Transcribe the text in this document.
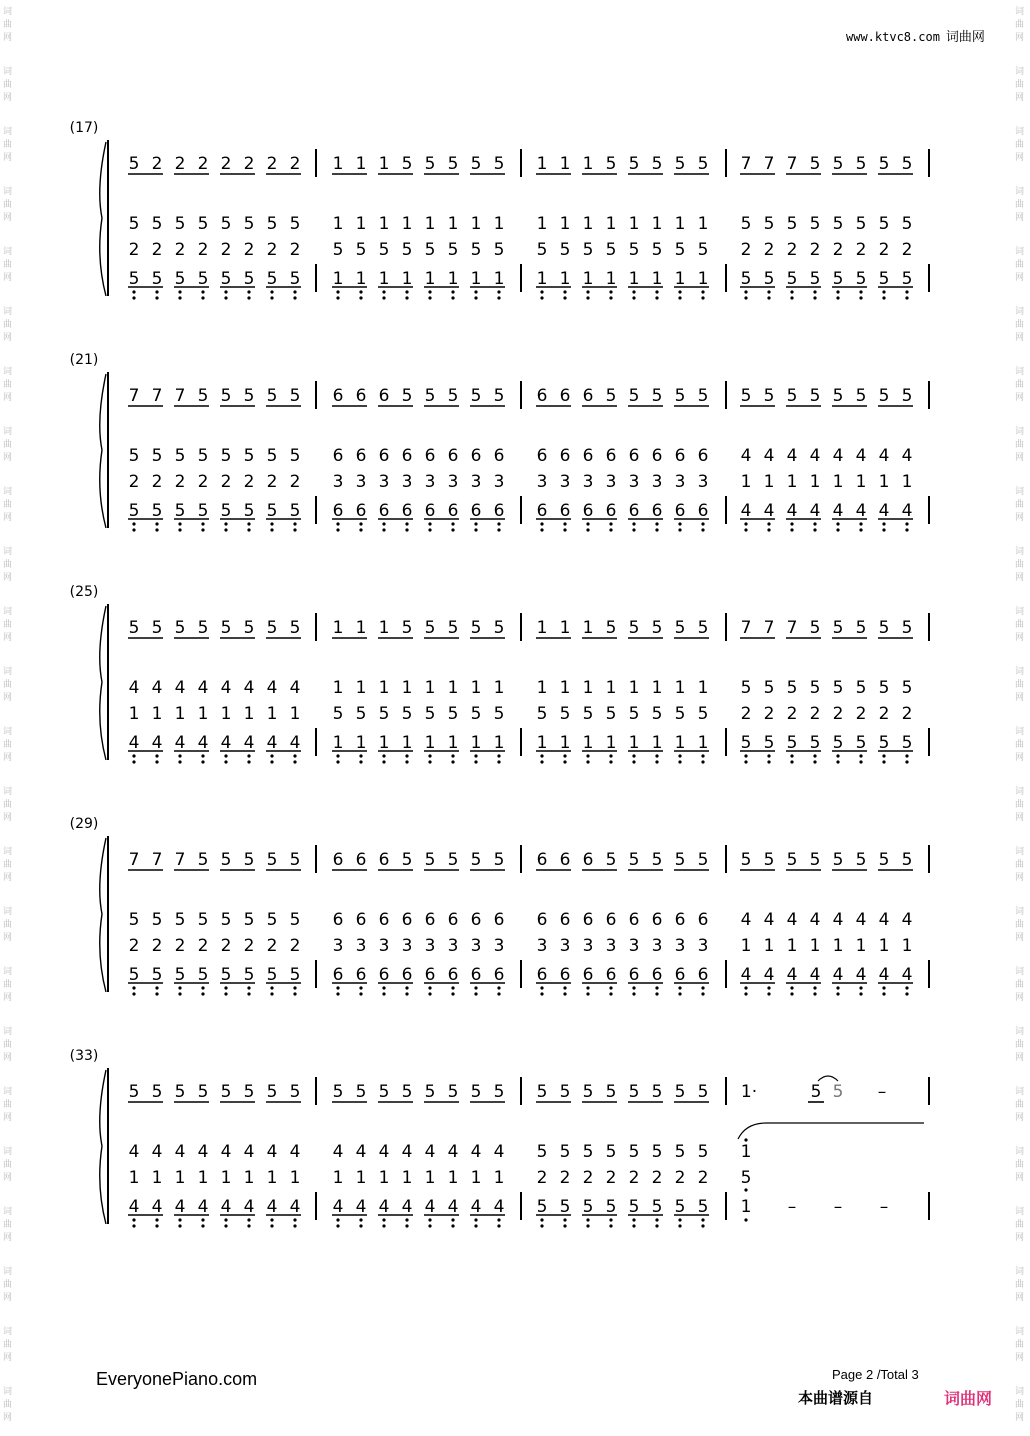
www.ktvc8.com 词曲网
词
曲
网
词
曲
网
词
曲
网
词
曲
网
词
曲
网
词
曲
网
词
曲
网
词
曲
网
词
曲
网
词
曲
网
词
曲
网
词
曲
网
词
曲
网
词
曲
网
词
曲
网
词
曲
网
词
曲
网
词
曲
网
词
曲
网
词
曲
网
词
曲
网
词
曲
网
词
曲
网
词
曲
网
词
曲
网
词
曲
网
词
曲
网
词
曲
网
词
曲
网
词
曲
网
词
曲
网
词
曲
网
词
曲
网
词
曲
网
词
曲
网
词
曲
网
词
曲
网
词
曲
网
词
曲
网
词
曲
网
词
曲
网
词
曲
网
词
曲
网
词
曲
网
词
曲
网
词
曲
网
词
曲
网
词
曲
网
(17)
5
5
2
5
2
5
2
5
2
5
2
5
2
5
2
5
2
5
2
5
2
5
2
5
2
5
2
5
2
5
2
5
1
1
5
1
1
1
5
1
1
1
5
1
5
1
5
1
5
1
5
1
5
1
5
1
5
1
5
1
5
1
5
1
1
1
5
1
1
1
5
1
1
1
5
1
5
1
5
1
5
1
5
1
5
1
5
1
5
1
5
1
5
1
5
1
7
5
2
5
7
5
2
5
7
5
2
5
5
5
2
5
5
5
2
5
5
5
2
5
5
5
2
5
5
5
2
5
(21)
7
5
2
5
7
5
2
5
7
5
2
5
5
5
2
5
5
5
2
5
5
5
2
5
5
5
2
5
5
5
2
5
6
6
3
6
6
6
3
6
6
6
3
6
5
6
3
6
5
6
3
6
5
6
3
6
5
6
3
6
5
6
3
6
6
6
3
6
6
6
3
6
6
6
3
6
5
6
3
6
5
6
3
6
5
6
3
6
5
6
3
6
5
6
3
6
5
4
1
4
5
4
1
4
5
4
1
4
5
4
1
4
5
4
1
4
5
4
1
4
5
4
1
4
5
4
1
4
(25)
5
4
1
4
5
4
1
4
5
4
1
4
5
4
1
4
5
4
1
4
5
4
1
4
5
4
1
4
5
4
1
4
1
1
5
1
1
1
5
1
1
1
5
1
5
1
5
1
5
1
5
1
5
1
5
1
5
1
5
1
5
1
5
1
1
1
5
1
1
1
5
1
1
1
5
1
5
1
5
1
5
1
5
1
5
1
5
1
5
1
5
1
5
1
5
1
7
5
2
5
7
5
2
5
7
5
2
5
5
5
2
5
5
5
2
5
5
5
2
5
5
5
2
5
5
5
2
5
(29)
7
5
2
5
7
5
2
5
7
5
2
5
5
5
2
5
5
5
2
5
5
5
2
5
5
5
2
5
5
5
2
5
6
6
3
6
6
6
3
6
6
6
3
6
5
6
3
6
5
6
3
6
5
6
3
6
5
6
3
6
5
6
3
6
6
6
3
6
6
6
3
6
6
6
3
6
5
6
3
6
5
6
3
6
5
6
3
6
5
6
3
6
5
6
3
6
5
4
1
4
5
4
1
4
5
4
1
4
5
4
1
4
5
4
1
4
5
4
1
4
5
4
1
4
5
4
1
4
(33)
5
4
1
4
5
4
1
4
5
4
1
4
5
4
1
4
5
4
1
4
5
4
1
4
5
4
1
4
5
4
1
4
5
4
1
4
5
4
1
4
5
4
1
4
5
4
1
4
5
4
1
4
5
4
1
4
5
4
1
4
5
4
1
4
5
5
2
5
5
5
2
5
5
5
2
5
5
5
2
5
5
5
2
5
5
5
2
5
5
5
2
5
5
5
2
5
1·	5 5 –
1
5
1 – – –
EveryonePiano.com	Page 2 /Total 3
本曲谱源自	词曲网
